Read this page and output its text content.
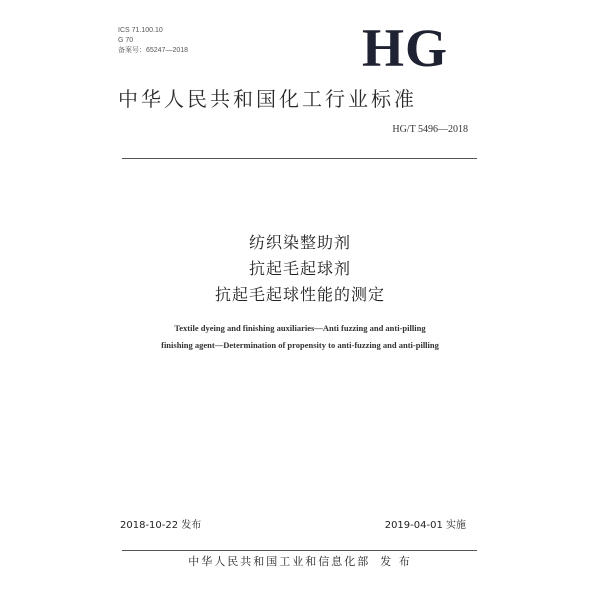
ICS 71.100.10
G 70
备案号：65247—2018	HG
中华人民共和国化工行业标准
HG/T 5496—2018
纺织染整助剂
抗起毛起球剂
抗起毛起球性能的测定
Textile dyeing and finishing auxiliaries—Anti fuzzing and anti-pilling
finishing agent—Determination of propensity to anti-fuzzing and anti-pilling
2018-10-22 发布	2019-04-01 实施
中华人民共和国工业和信息化部 发 布
